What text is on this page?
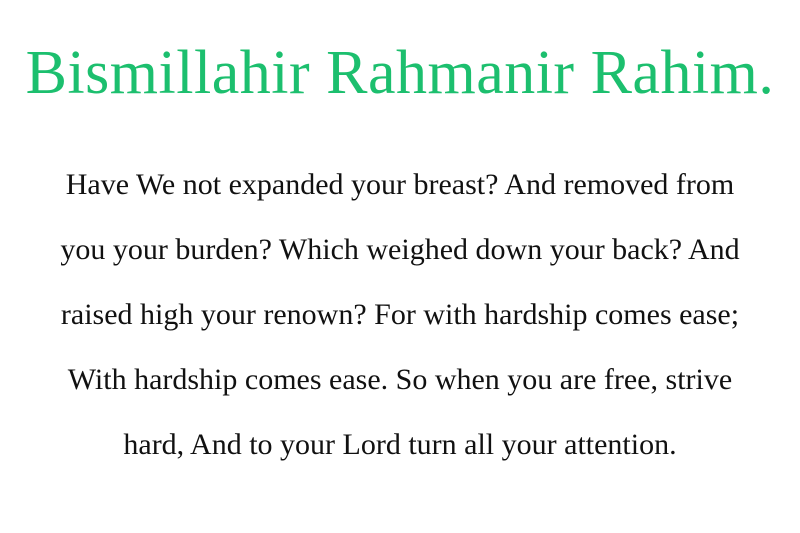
Bismillahir Rahmanir Rahim.
Have We not expanded your breast? And removed from
you your burden? Which weighed down your back? And
raised high your renown? For with hardship comes ease;
With hardship comes ease. So when you are free, strive
hard, And to your Lord turn all your attention.
